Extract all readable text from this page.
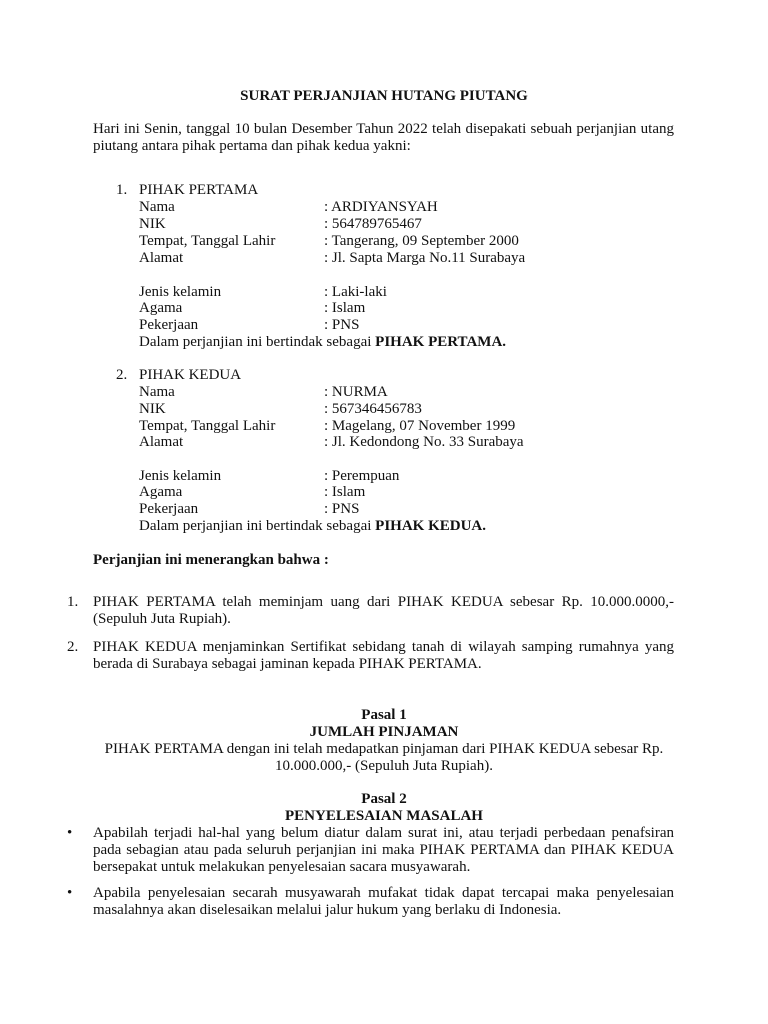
SURAT PERJANJIAN HUTANG PIUTANG
Hari ini Senin, tanggal 10 bulan Desember Tahun 2022 telah disepakati sebuah perjanjian utang piutang antara pihak pertama dan pihak kedua yakni:
1. PIHAK PERTAMA
Nama	: ARDIYANSYAH
NIK	: 564789765467
Tempat, Tanggal Lahir	: Tangerang, 09 September 2000
Alamat	: Jl. Sapta Marga No.11 Surabaya
Jenis kelamin	: Laki-laki
Agama	: Islam
Pekerjaan	: PNS
Dalam perjanjian ini bertindak sebagai PIHAK PERTAMA.
2. PIHAK KEDUA
Nama	: NURMA
NIK	: 567346456783
Tempat, Tanggal Lahir	: Magelang, 07 November 1999
Alamat	: Jl. Kedondong No. 33 Surabaya
Jenis kelamin	: Perempuan
Agama	: Islam
Pekerjaan	: PNS
Dalam perjanjian ini bertindak sebagai PIHAK KEDUA.
Perjanjian ini menerangkan bahwa :
1. PIHAK PERTAMA telah meminjam uang dari PIHAK KEDUA sebesar Rp. 10.000.0000,- (Sepuluh Juta Rupiah).
2. PIHAK KEDUA menjaminkan Sertifikat sebidang tanah di wilayah samping rumahnya yang berada di Surabaya sebagai jaminan kepada PIHAK PERTAMA.
Pasal 1
JUMLAH PINJAMAN
PIHAK PERTAMA dengan ini telah medapatkan pinjaman dari PIHAK KEDUA sebesar Rp. 10.000.000,- (Sepuluh Juta Rupiah).
Pasal 2
PENYELESAIAN MASALAH
• Apabilah terjadi hal-hal yang belum diatur dalam surat ini, atau terjadi perbedaan penafsiran pada sebagian atau pada seluruh perjanjian ini maka PIHAK PERTAMA dan PIHAK KEDUA bersepakat untuk melakukan penyelesaian sacara musyawarah.
• Apabila penyelesaian secarah musyawarah mufakat tidak dapat tercapai maka penyelesaian masalahnya akan diselesaikan melalui jalur hukum yang berlaku di Indonesia.
